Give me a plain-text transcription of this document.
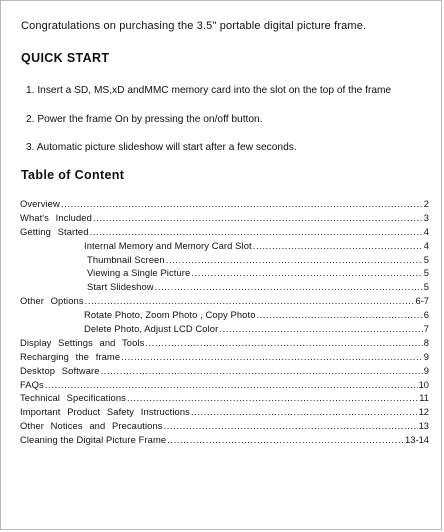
Congratulations on purchasing the 3.5" portable digital picture frame.
QUICK START
1. Insert a SD, MS,xD andMMC memory card into the slot on the top of the frame
2. Power the frame On by pressing the on/off button.
3. Automatic picture slideshow will start after a few seconds.
Table of Content
Overview .....	2
What's Included .....	3
Getting Started .....	4
Internal Memory and Memory Card Slot .....	4
Thumbnail Screen .....	5
Viewing a Single Picture .....	5
Start Slideshow .....	5
Other Options .....	6-7
Rotate Photo, Zoom Photo , Copy Photo .....	6
Delete Photo, Adjust LCD Color .....	7
Display Settings and Tools .....	8
Recharging the frame .....	9
Desktop Software .....	9
FAQs .....	10
Technical Specifications .....	11
Important Product Safety Instructions .....	12
Other Notices and Precautions .....	13
Cleaning the Digital Picture Frame .....	13-14
